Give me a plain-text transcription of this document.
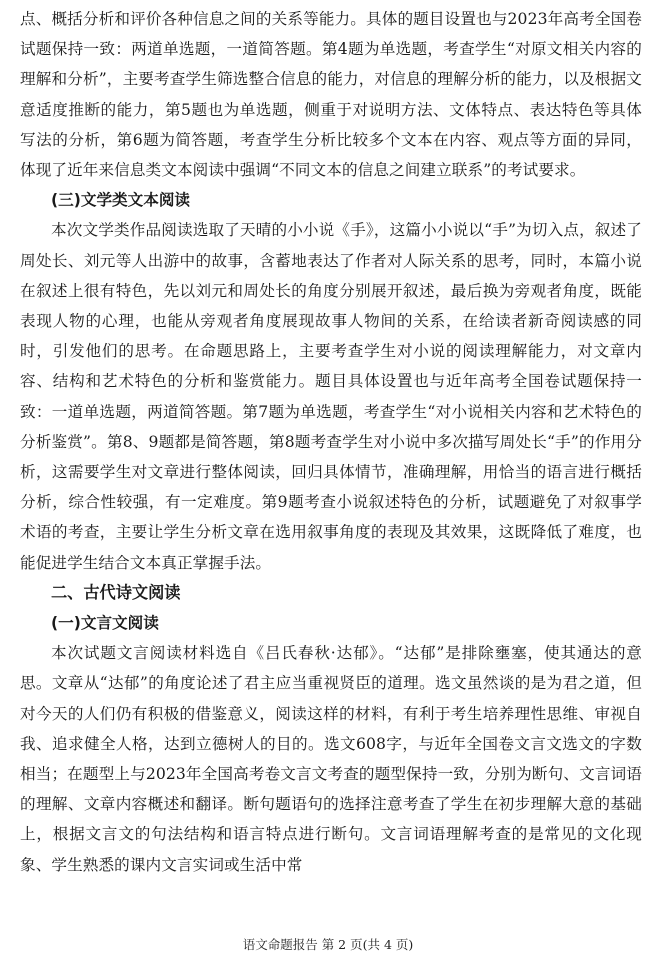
点、概括分析和评价各种信息之间的关系等能力。具体的题目设置也与2023年高考全国卷试题保持一致：两道单选题，一道简答题。第4题为单选题，考查学生“对原文相关内容的理解和分析”，主要考查学生筛选整合信息的能力，对信息的理解分析的能力，以及根据文意适度推断的能力，第5题也为单选题，侧重于对说明方法、文体特点、表达特色等具体写法的分析，第6题为简答题，考查学生分析比较多个文本在内容、观点等方面的异同，体现了近年来信息类文本阅读中强调“不同文本的信息之间建立联系”的考试要求。

(三)文学类文本阅读

本次文学类作品阅读选取了天晴的小小说《手》，这篇小小说以“手”为切入点，叙述了周处长、刘元等人出游中的故事，含蓄地表达了作者对人际关系的思考，同时，本篇小说在叙述上很有特色，先以刘元和周处长的角度分别展开叙述，最后换为旁观者角度，既能表现人物的心理，也能从旁观者角度展现故事人物间的关系，在给读者新奇阅读感的同时，引发他们的思考。在命题思路上，主要考查学生对小说的阅读理解能力，对文章内容、结构和艺术特色的分析和鉴赏能力。题目具体设置也与近年高考全国卷试题保持一致：一道单选题，两道简答题。第7题为单选题，考查学生“对小说相关内容和艺术特色的分析鉴赏”。第8、9题都是简答题，第8题考查学生对小说中多次描写周处长“手”的作用分析，这需要学生对文章进行整体阅读，回归具体情节，准确理解，用恰当的语言进行概括分析，综合性较强，有一定难度。第9题考查小说叙述特色的分析，试题避免了对叙事学术语的考查，主要让学生分析文章在选用叙事角度的表现及其效果，这既降低了难度，也能促进学生结合文本真正掌握手法。

二、古代诗文阅读
(一)文言文阅读

本次试题文言阅读材料选自《吕氏春秋·达郁》。“达郁”是排除壅塞，使其通达的意思。文章从“达郁”的角度论述了君主应当重视贤臣的道理。选文虽然谈的是为君之道，但对今天的人们仍有积极的借鉴意义，阅读这样的材料，有利于考生培养理性思维、审视自我、追求健全人格，达到立德树人的目的。选文608字，与近年全国卷文言文选文的字数相当；在题型上与2023年全国高考卷文言文考查的题型保持一致，分别为断句、文言词语的理解、文章内容概述和翻译。断句题语句的选择注意考查了学生在初步理解大意的基础上，根据文言文的句法结构和语言特点进行断句。文言词语理解考查的是常见的文化现象、学生熟悉的课内文言实词或生活中常

语文命题报告 第 2 页(共 4 页)
